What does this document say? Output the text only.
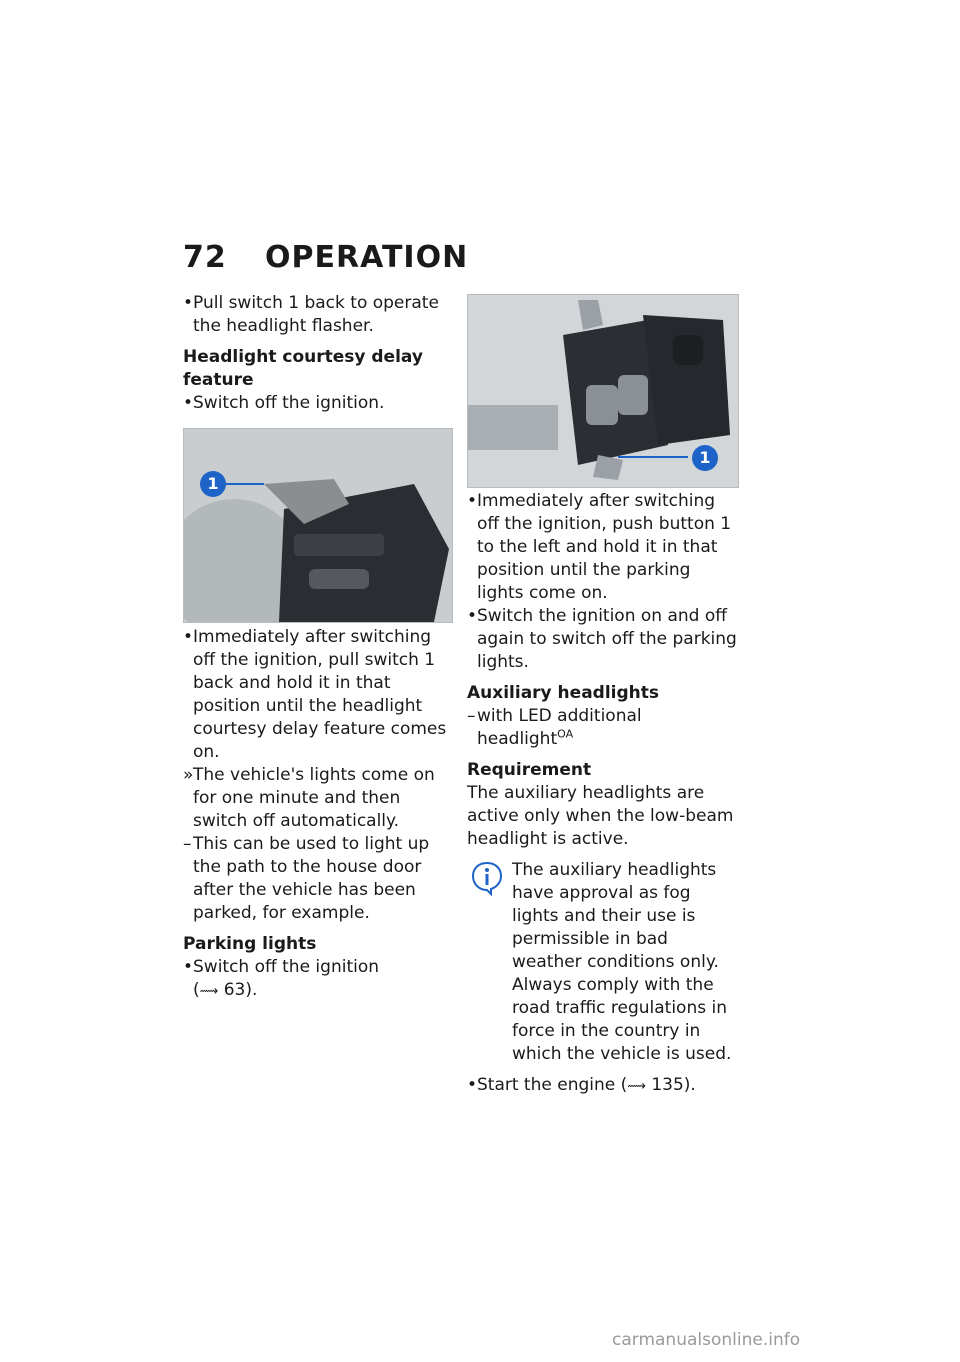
72 OPERATION
• Pull switch 1 back to operate the headlight flasher.
Headlight courtesy delay feature
• Switch off the ignition.
1
• Immediately after switching off the ignition, pull switch 1 back and hold it in that position until the headlight courtesy delay feature comes on.
» The vehicle's lights come on for one minute and then switch off automatically.
– This can be used to light up the path to the house door after the vehicle has been parked, for example.
Parking lights
• Switch off the ignition
(⟿ 63).
1
• Immediately after switching off the ignition, push button 1 to the left and hold it in that position until the parking lights come on.
• Switch the ignition on and off again to switch off the parking lights.
Auxiliary headlights
– with LED additional headlight$^{OA}$
Requirement
The auxiliary headlights are active only when the low-beam headlight is active.
The auxiliary headlights have approval as fog lights and their use is permissible in bad weather conditions only. Always comply with the road traffic regulations in force in the country in which the vehicle is used.
• Start the engine (⟿ 135).
carmanualsonline.info
